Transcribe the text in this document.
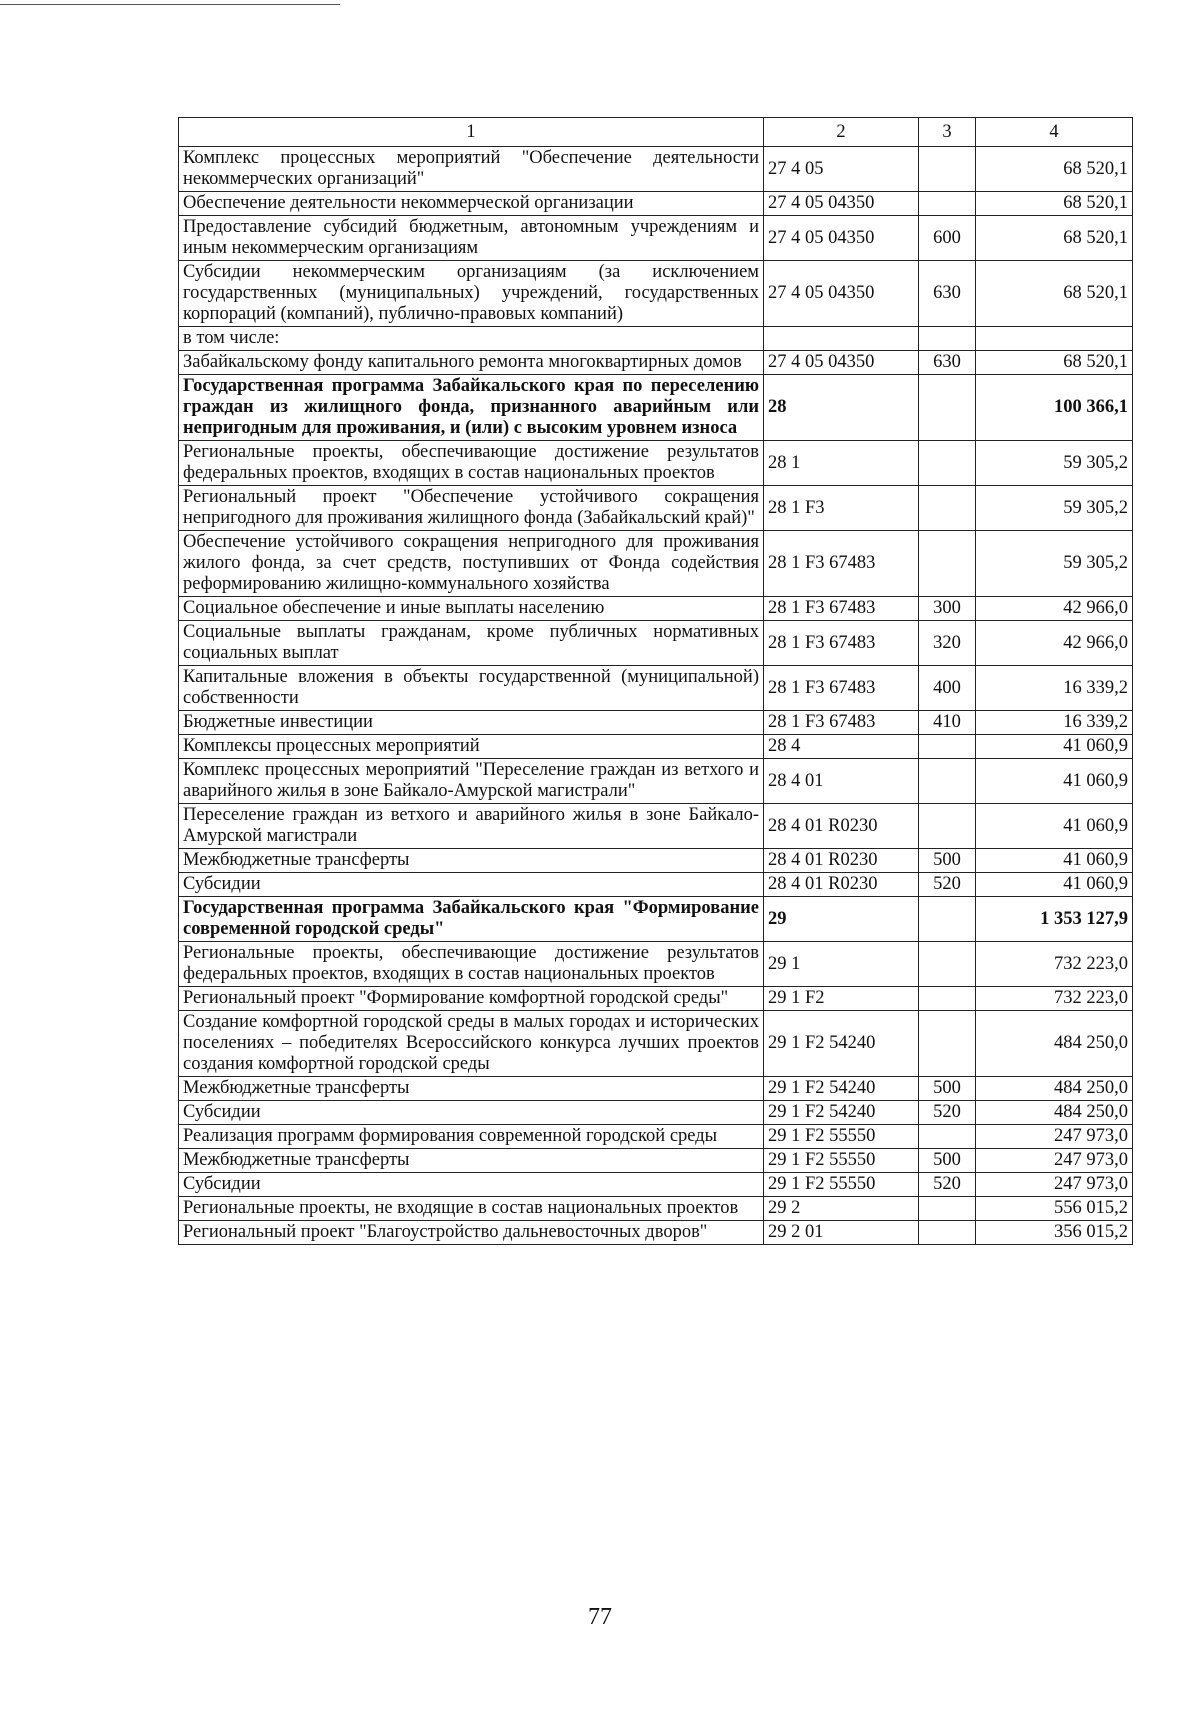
1	2	3	4
Комплекс процессных мероприятий "Обеспечение деятельности некоммерческих организаций"	27 4 05		68 520,1
Обеспечение деятельности некоммерческой организации	27 4 05 04350		68 520,1
Предоставление субсидий бюджетным, автономным учреждениям и иным некоммерческим организациям	27 4 05 04350	600	68 520,1
Субсидии некоммерческим организациям (за исключением государственных (муниципальных) учреждений, государственных корпораций (компаний), публично-правовых компаний)	27 4 05 04350	630	68 520,1
в том числе:			
Забайкальскому фонду капитального ремонта многоквартирных домов	27 4 05 04350	630	68 520,1
Государственная программа Забайкальского края по переселению граждан из жилищного фонда, признанного аварийным или непригодным для проживания, и (или) с высоким уровнем износа	28		100 366,1
Региональные проекты, обеспечивающие достижение результатов федеральных проектов, входящих в состав национальных проектов	28 1		59 305,2
Региональный проект "Обеспечение устойчивого сокращения непригодного для проживания жилищного фонда (Забайкальский край)"	28 1 F3		59 305,2
Обеспечение устойчивого сокращения непригодного для проживания жилого фонда, за счет средств, поступивших от Фонда содействия реформированию жилищно-коммунального хозяйства	28 1 F3 67483		59 305,2
Социальное обеспечение и иные выплаты населению	28 1 F3 67483	300	42 966,0
Социальные выплаты гражданам, кроме публичных нормативных социальных выплат	28 1 F3 67483	320	42 966,0
Капитальные вложения в объекты государственной (муниципальной) собственности	28 1 F3 67483	400	16 339,2
Бюджетные инвестиции	28 1 F3 67483	410	16 339,2
Комплексы процессных мероприятий	28 4		41 060,9
Комплекс процессных мероприятий "Переселение граждан из ветхого и аварийного жилья в зоне Байкало-Амурской магистрали"	28 4 01		41 060,9
Переселение граждан из ветхого и аварийного жилья в зоне Байкало-Амурской магистрали	28 4 01 R0230		41 060,9
Межбюджетные трансферты	28 4 01 R0230	500	41 060,9
Субсидии	28 4 01 R0230	520	41 060,9
Государственная программа Забайкальского края "Формирование современной городской среды"	29		1 353 127,9
Региональные проекты, обеспечивающие достижение результатов федеральных проектов, входящих в состав национальных проектов	29 1		732 223,0
Региональный проект "Формирование комфортной городской среды"	29 1 F2		732 223,0
Создание комфортной городской среды в малых городах и исторических поселениях – победителях Всероссийского конкурса лучших проектов создания комфортной городской среды	29 1 F2 54240		484 250,0
Межбюджетные трансферты	29 1 F2 54240	500	484 250,0
Субсидии	29 1 F2 54240	520	484 250,0
Реализация программ формирования современной городской среды	29 1 F2 55550		247 973,0
Межбюджетные трансферты	29 1 F2 55550	500	247 973,0
Субсидии	29 1 F2 55550	520	247 973,0
Региональные проекты, не входящие в состав национальных проектов	29 2		556 015,2
Региональный проект "Благоустройство дальневосточных дворов"	29 2 01		356 015,2
77
